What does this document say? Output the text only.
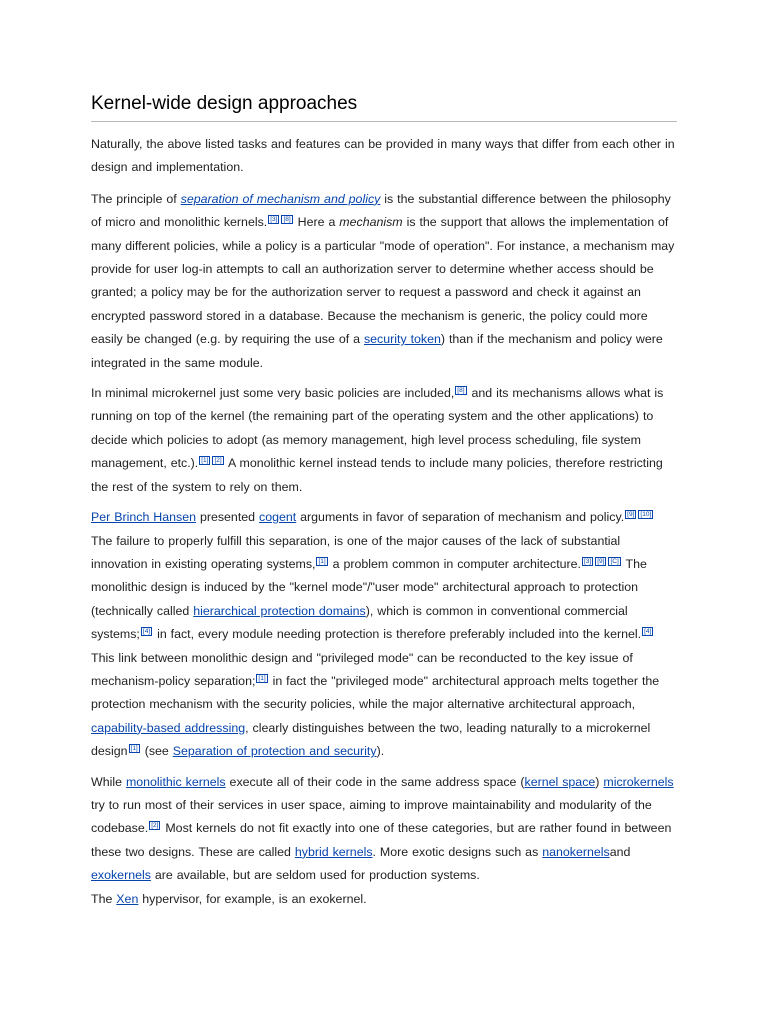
Kernel-wide design approaches

Naturally, the above listed tasks and features can be provided in many ways that differ from each other in design and implementation.

The principle of separation of mechanism and policy is the substantial difference between the philosophy of micro and monolithic kernels. [3] [8] Here a mechanism is the support that allows the implementation of many different policies, while a policy is a particular "mode of operation". For instance, a mechanism may provide for user log-in attempts to call an authorization server to determine whether access should be granted; a policy may be for the authorization server to request a password and check it against an encrypted password stored in a database. Because the mechanism is generic, the policy could more easily be changed (e.g. by requiring the use of a security token) than if the mechanism and policy were integrated in the same module.

In minimal microkernel just some very basic policies are included, [8] and its mechanisms allows what is running on top of the kernel (the remaining part of the operating system and the other applications) to decide which policies to adopt (as memory management, high level process scheduling, file system management, etc.). [1] [2] A monolithic kernel instead tends to include many policies, therefore restricting the rest of the system to rely on them.

Per Brinch Hansen presented cogent arguments in favor of separation of mechanism and policy. [9] [10] The failure to properly fulfill this separation, is one of the major causes of the lack of substantial innovation in existing operating systems, [1] a problem common in computer architecture. [3] [9] [C] The monolithic design is induced by the "kernel mode"/"user mode" architectural approach to protection (technically called hierarchical protection domains), which is common in conventional commercial systems; [4] in fact, every module needing protection is therefore preferably included into the kernel. [4] This link between monolithic design and "privileged mode" can be reconducted to the key issue of mechanism-policy separation; [1] in fact the "privileged mode" architectural approach melts together the protection mechanism with the security policies, while the major alternative architectural approach, capability-based addressing, clearly distinguishes between the two, leading naturally to a microkernel design [1] (see Separation of protection and security).

While monolithic kernels execute all of their code in the same address space (kernel space) microkernels try to run most of their services in user space, aiming to improve maintainability and modularity of the codebase. [2] Most kernels do not fit exactly into one of these categories, but are rather found in between these two designs. These are called hybrid kernels. More exotic designs such as nanokernelsand exokernels are available, but are seldom used for production systems.

The Xen hypervisor, for example, is an exokernel.
